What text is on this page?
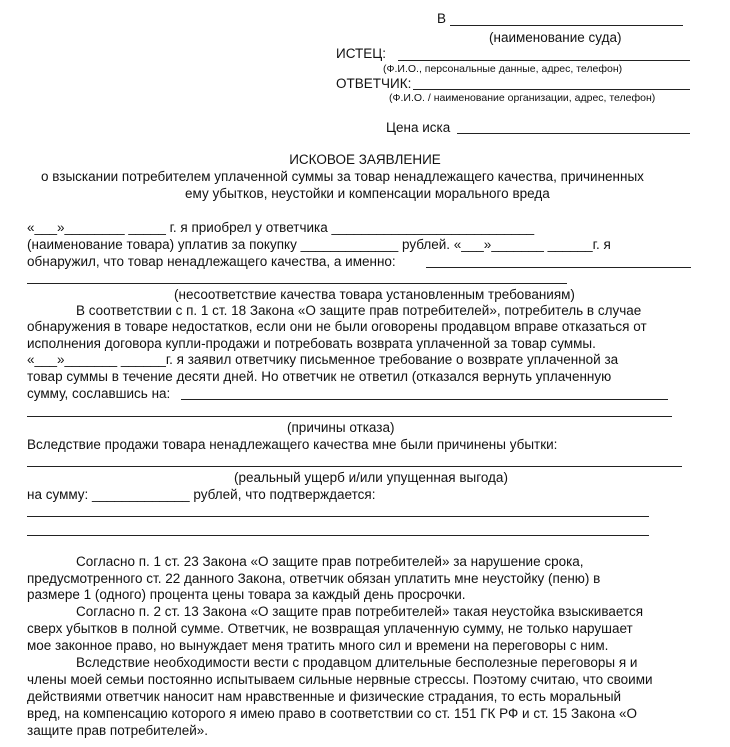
В
(наименование суда)
ИСТЕЦ:
(Ф.И.О., персональные данные, адрес, телефон)
ОТВЕТЧИК:
(Ф.И.О. / наименование организации, адрес, телефон)
Цена иска
ИСКОВОЕ ЗАЯВЛЕНИЕ
о взыскании потребителем уплаченной суммы за товар ненадлежащего качества, причиненных
ему убытков, неустойки и компенсации морального вреда
«___»________ _____ г. я приобрел у ответчика ___________________________
(наименование товара) уплатив за покупку _____________ рублей. «___»_______ ______г. я
обнаружил, что товар ненадлежащего качества, а именно:
(несоответствие качества товара установленным требованиям)
В соответствии с п. 1 ст. 18 Закона «О защите прав потребителей», потребитель в случае
обнаружения в товаре недостатков, если они не были оговорены продавцом вправе отказаться от
исполнения договора купли-продажи и потребовать возврата уплаченной за товар суммы.
«___»_______ ______г. я заявил ответчику письменное требование о возврате уплаченной за
товар суммы в течение десяти дней. Но ответчик не ответил (отказался вернуть уплаченную
сумму, сославшись на:
(причины отказа)
Вследствие продажи товара ненадлежащего качества мне были причинены убытки:
(реальный ущерб и/или упущенная выгода)
на сумму: _____________ рублей, что подтверждается:
Согласно п. 1 ст. 23 Закона «О защите прав потребителей» за нарушение срока,
предусмотренного ст. 22 данного Закона, ответчик обязан уплатить мне неустойку (пеню) в
размере 1 (одного) процента цены товара за каждый день просрочки.
Согласно п. 2 ст. 13 Закона «О защите прав потребителей» такая неустойка взыскивается
сверх убытков в полной сумме. Ответчик, не возвращая уплаченную сумму, не только нарушает
мое законное право, но вынуждает меня тратить много сил и времени на переговоры с ним.
Вследствие необходимости вести с продавцом длительные бесполезные переговоры я и
члены моей семьи постоянно испытываем сильные нервные стрессы. Поэтому считаю, что своими
действиями ответчик наносит нам нравственные и физические страдания, то есть моральный
вред, на компенсацию которого я имею право в соответствии со ст. 151 ГК РФ и ст. 15 Закона «О
защите прав потребителей».
